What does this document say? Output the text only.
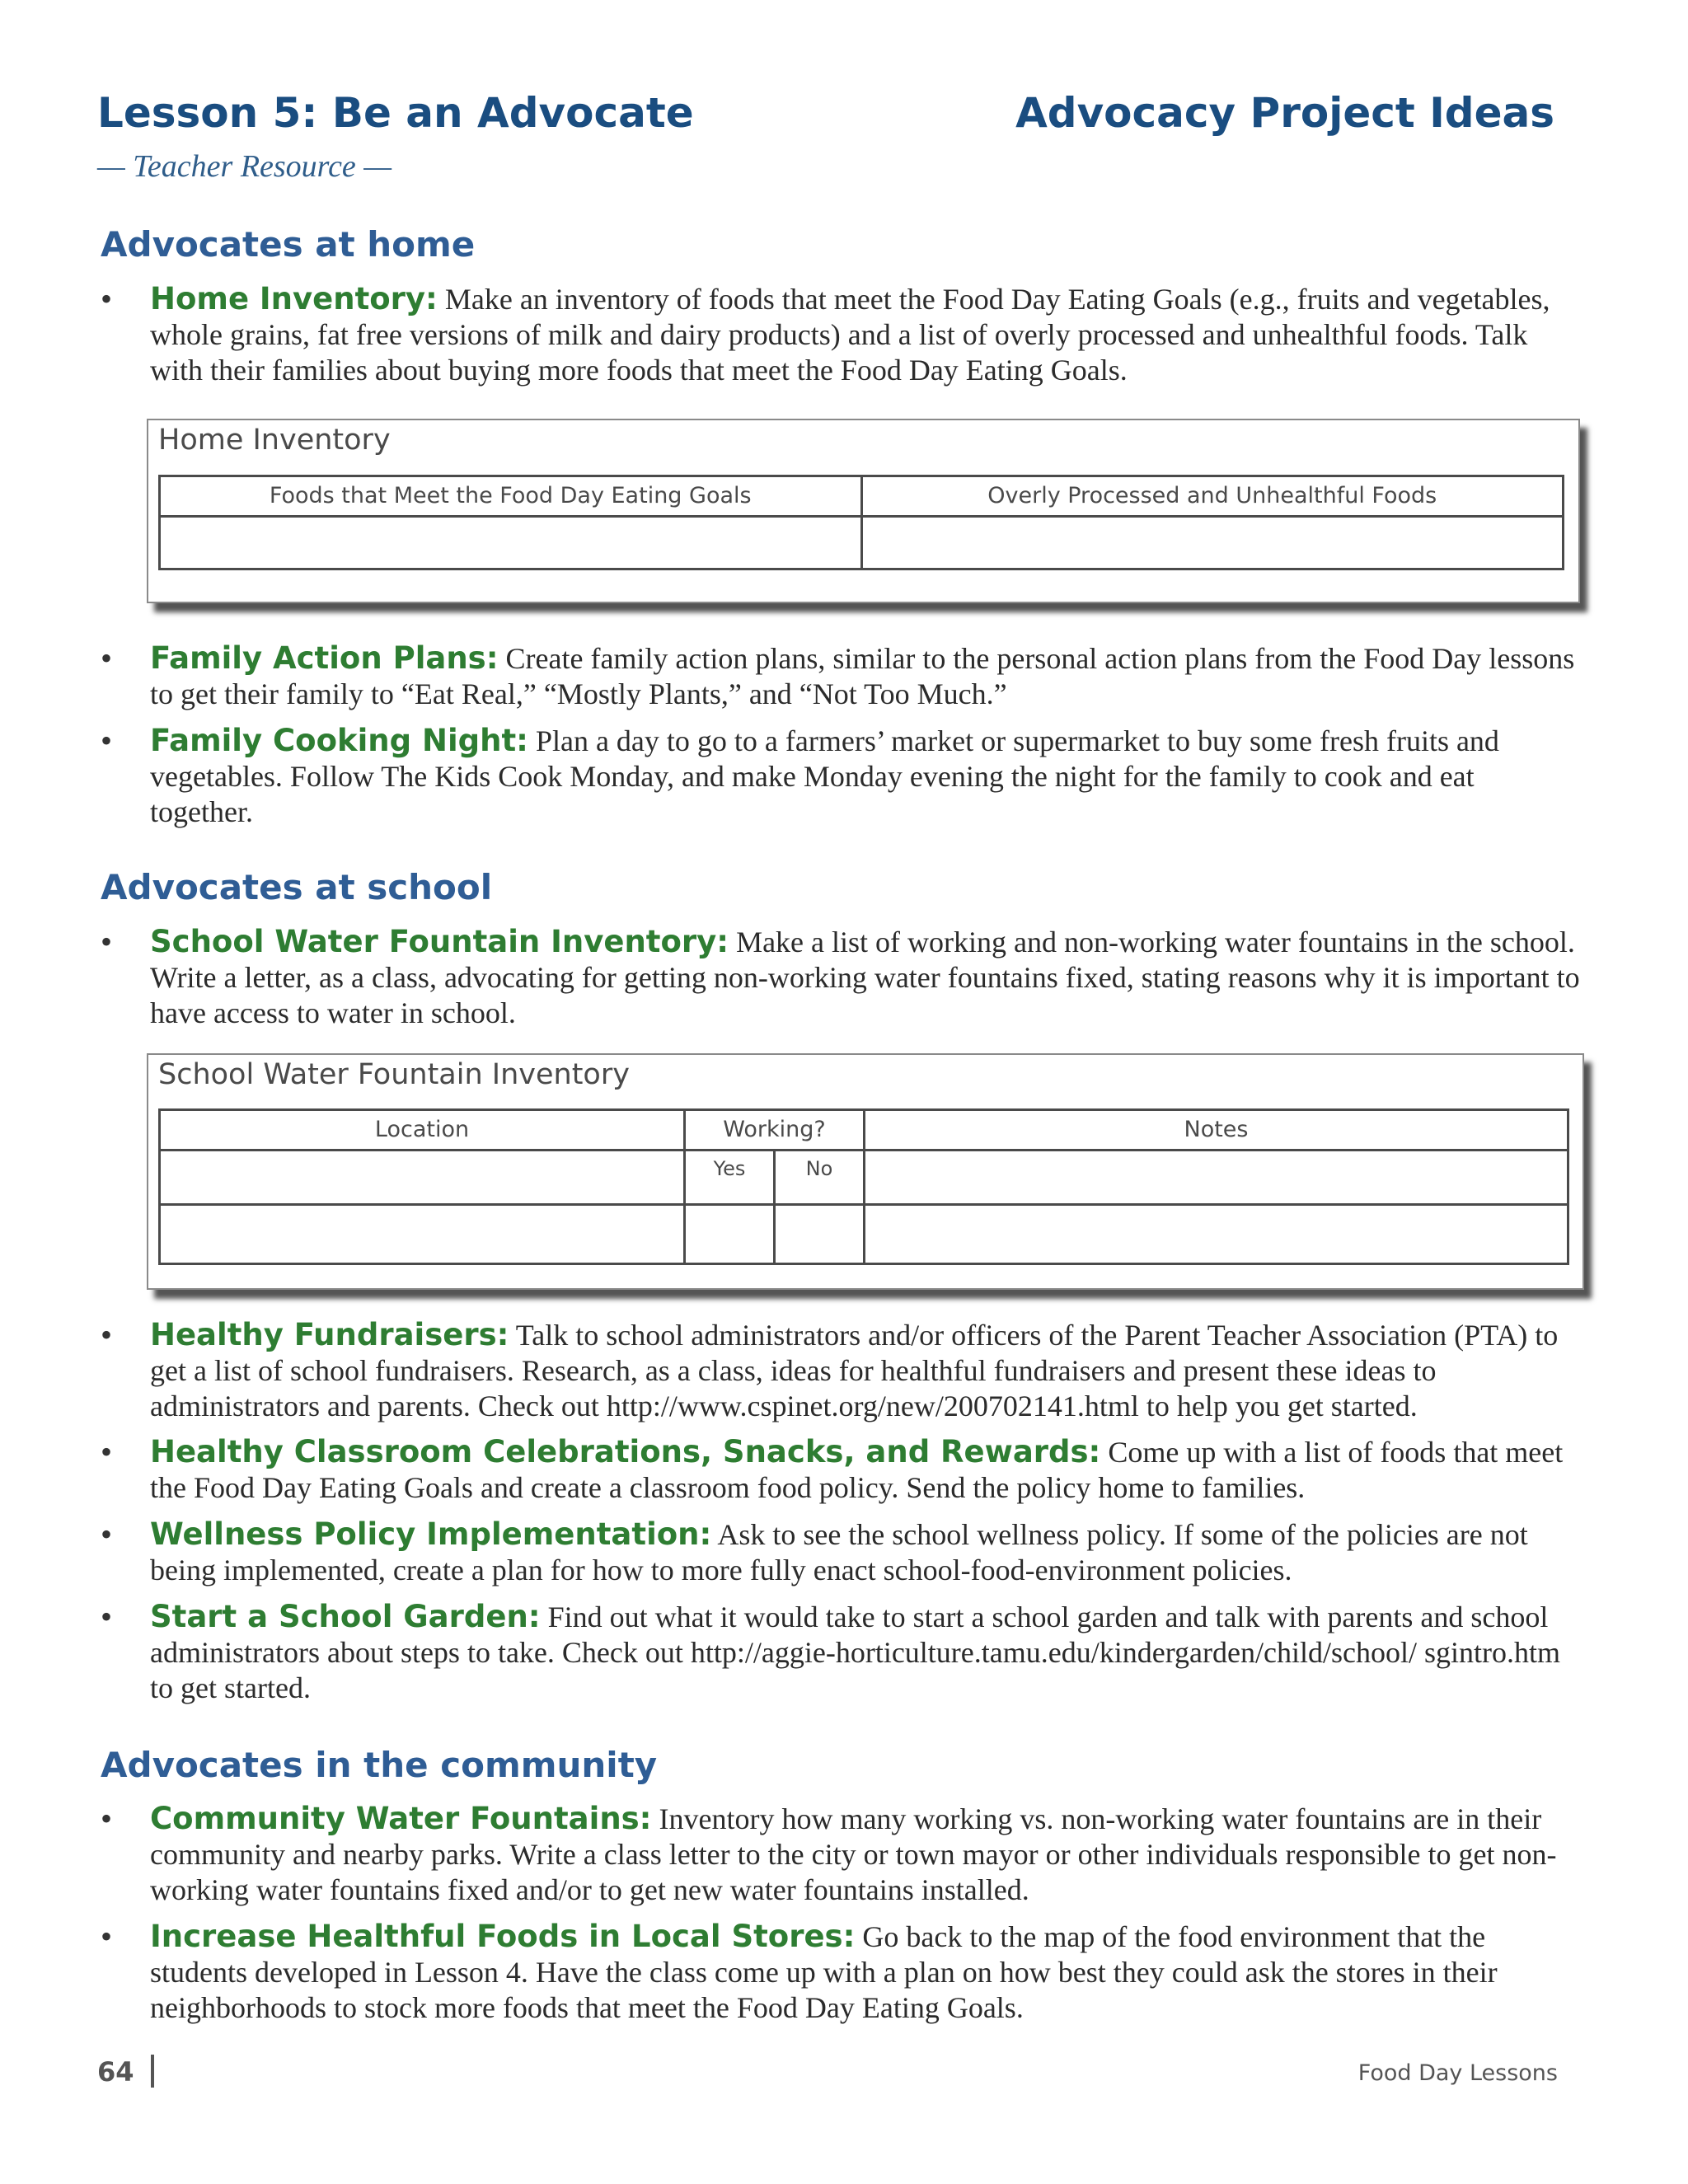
Lesson 5: Be an Advocate	Advocacy Project Ideas
— Teacher Resource —
Advocates at home
• Home Inventory: Make an inventory of foods that meet the Food Day Eating Goals (e.g., fruits and vegetables, whole grains, fat free versions of milk and dairy products) and a list of overly processed and unhealthful foods. Talk with their families about buying more foods that meet the Food Day Eating Goals.
Home Inventory
Foods that Meet the Food Day Eating Goals	Overly Processed and Unhealthful Foods

• Family Action Plans: Create family action plans, similar to the personal action plans from the Food Day lessons to get their family to “Eat Real,” “Mostly Plants,” and “Not Too Much.”
• Family Cooking Night: Plan a day to go to a farmers’ market or supermarket to buy some fresh fruits and vegetables. Follow The Kids Cook Monday, and make Monday evening the night for the family to cook and eat together.
Advocates at school
• School Water Fountain Inventory: Make a list of working and non-working water fountains in the school. Write a letter, as a class, advocating for getting non-working water fountains fixed, stating reasons why it is important to have access to water in school.
School Water Fountain Inventory
Location	Working?		Notes
	Yes	No	

• Healthy Fundraisers: Talk to school administrators and/or officers of the Parent Teacher Association (PTA) to get a list of school fundraisers. Research, as a class, ideas for healthful fundraisers and present these ideas to administrators and parents. Check out http://www.cspinet.org/new/200702141.html to help you get started.
• Healthy Classroom Celebrations, Snacks, and Rewards: Come up with a list of foods that meet the Food Day Eating Goals and create a classroom food policy. Send the policy home to families.
• Wellness Policy Implementation: Ask to see the school wellness policy. If some of the policies are not being implemented, create a plan for how to more fully enact school-food-environment policies.
• Start a School Garden: Find out what it would take to start a school garden and talk with parents and school administrators about steps to take. Check out http://aggie-horticulture.tamu.edu/kindergarden/child/school/ sgintro.htm to get started.
Advocates in the community
• Community Water Fountains: Inventory how many working vs. non-working water fountains are in their community and nearby parks. Write a class letter to the city or town mayor or other individuals responsible to get non-working water fountains fixed and/or to get new water fountains installed.
• Increase Healthful Foods in Local Stores: Go back to the map of the food environment that the students developed in Lesson 4. Have the class come up with a plan on how best they could ask the stores in their neighborhoods to stock more foods that meet the Food Day Eating Goals.
64	Food Day Lessons
